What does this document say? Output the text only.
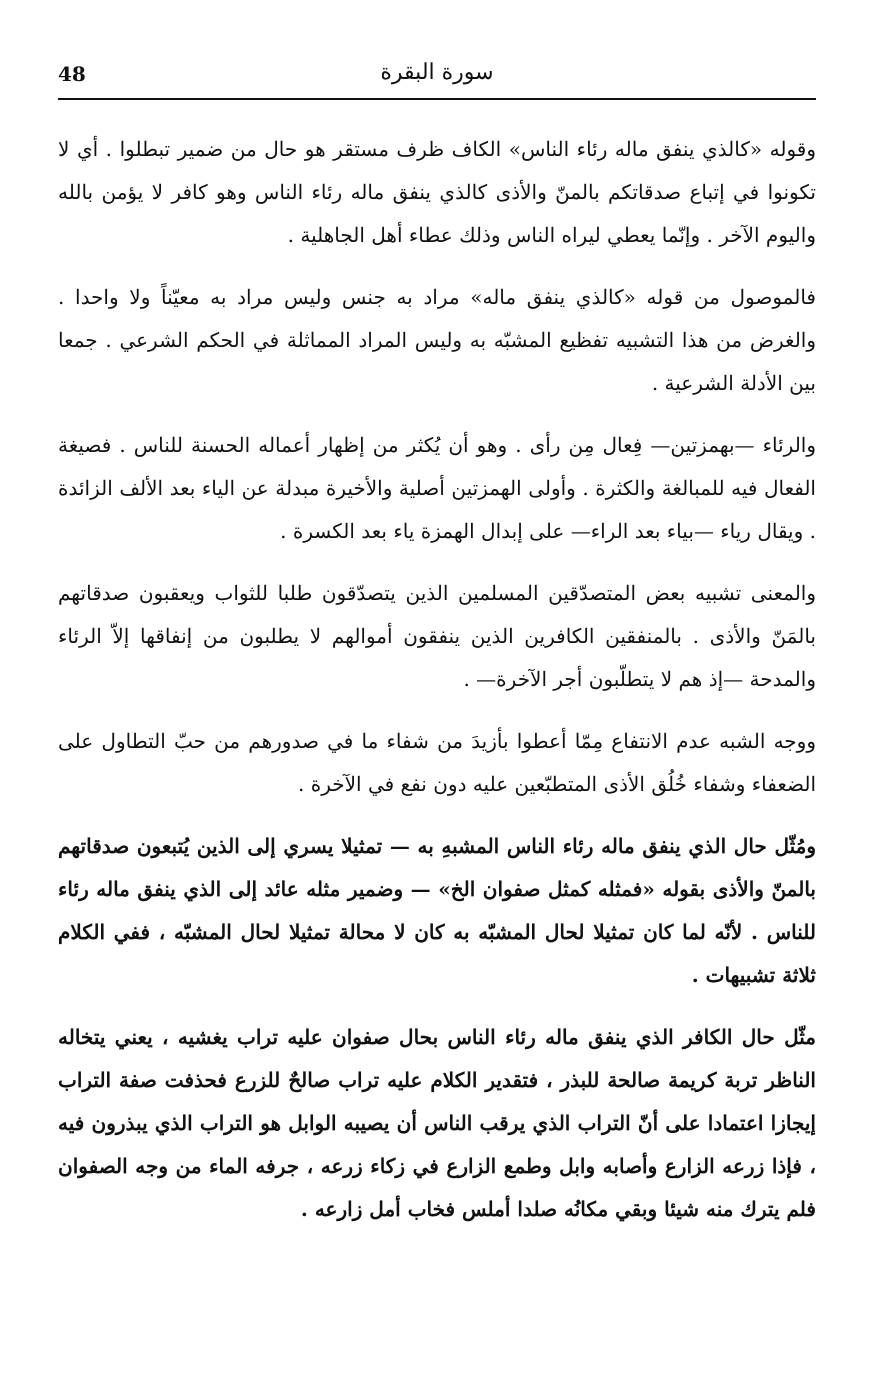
48	سورة البقرة

وقوله «كالذي ينفق ماله رئاء الناس» الكاف ظرف مستقر هو حال من ضمير تبطلوا . أي لا تكونوا في إتباع صدقاتكم بالمنّ والأذى كالذي ينفق ماله رئاء الناس وهو كافر لا يؤمن بالله واليوم الآخر . وإنّما يعطي ليراه الناس وذلك عطاء أهل الجاهلية .

فالموصول من قوله «كالذي ينفق ماله» مراد به جنس وليس مراد به معيّناً ولا واحدا . والغرض من هذا التشبيه تفظيع المشبّه به وليس المراد المماثلة في الحكم الشرعي . جمعا بين الأدلة الشرعية .

والرئاء —بهمزتين— فِعال مِن رأى . وهو أن يُكثر من إظهار أعماله الحسنة للناس . فصيغة الفعال فيه للمبالغة والكثرة . وأولى الهمزتين أصلية والأخيرة مبدلة عن الياء بعد الألف الزائدة . ويقال رياء —بياء بعد الراء— على إبدال الهمزة ياء بعد الكسرة .

والمعنى تشبيه بعض المتصدّقين المسلمين الذين يتصدّقون طلبا للثواب ويعقبون صدقاتهم بالمَنّ والأذى . بالمنفقين الكافرين الذين ينفقون أموالهم لا يطلبون من إنفاقها إلاّ الرئاء والمدحة —إذ هم لا يتطلّبون أجر الآخرة— .

ووجه الشبه عدم الانتفاع مِمّا أعطوا بأزيدَ من شفاء ما في صدورهم من حبّ التطاول على الضعفاء وشفاء خُلُق الأذى المتطبّعين عليه دون نفع في الآخرة .

ومُثّل حال الذي ينفق ماله رئاء الناس المشبهِ به — تمثيلا يسري إلى الذين يُتبعون صدقاتهم بالمنّ والأذى بقوله «فمثله كمثل صفوان الخ» — وضمير مثله عائد إلى الذي ينفق ماله رئاء للناس . لأنّه لما كان تمثيلا لحال المشبّه به كان لا محالة تمثيلا لحال المشبّه ، ففي الكلام ثلاثة تشبيهات .

مثّل حال الكافر الذي ينفق ماله رئاء الناس بحال صفوان عليه تراب يغشيه ، يعني يتخاله الناظر تربة كريمة صالحة للبذر ، فتقدير الكلام عليه تراب صالحٌ للزرع فحذفت صفة التراب إيجازا اعتمادا على أنّ التراب الذي يرقب الناس أن يصيبه الوابل هو التراب الذي يبذرون فيه ، فإذا زرعه الزارع وأصابه وابل وطمع الزارع في زكاء زرعه ، جرفه الماء من وجه الصفوان فلم يترك منه شيئا وبقي مكانُه صلدا أملس فخاب أمل زارعه .
